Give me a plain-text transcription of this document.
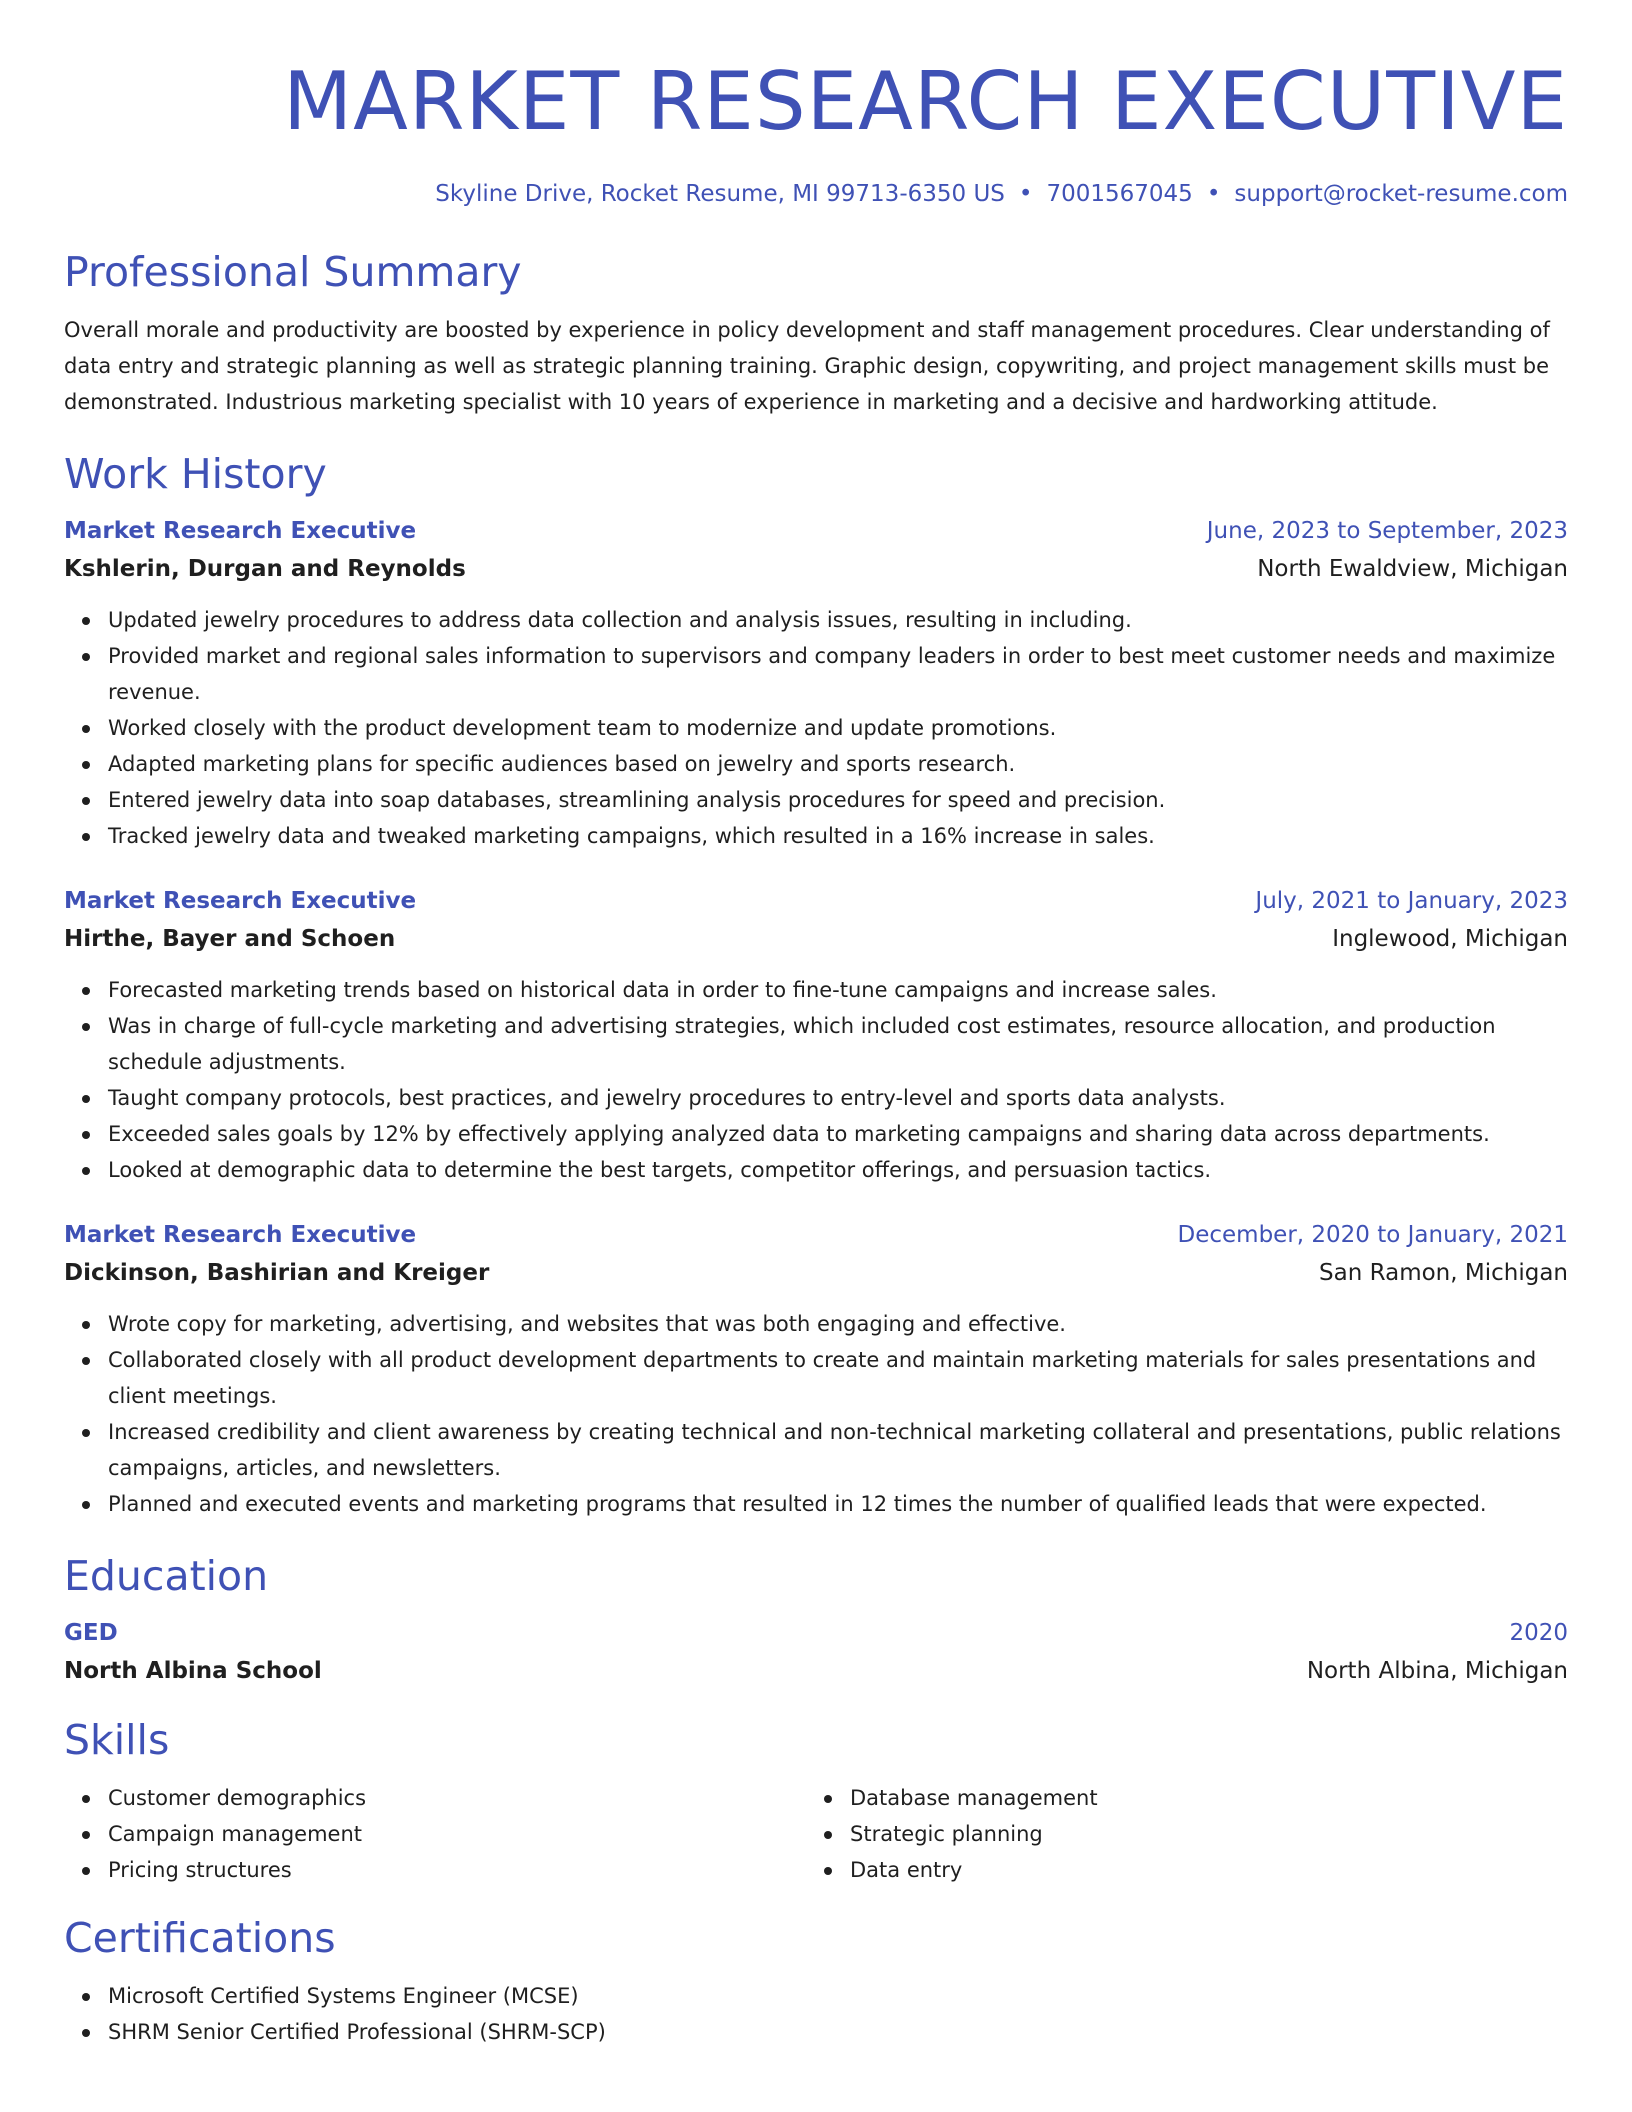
MARKET RESEARCH EXECUTIVE
Skyline Drive, Rocket Resume, MI 99713-6350 US • 7001567045 • support@rocket-resume.com
Professional Summary
Overall morale and productivity are boosted by experience in policy development and staff management procedures. Clear understanding of data entry and strategic planning as well as strategic planning training. Graphic design, copywriting, and project management skills must be demonstrated. Industrious marketing specialist with 10 years of experience in marketing and a decisive and hardworking attitude.
Work History
Market Research Executive	June, 2023 to September, 2023
Kshlerin, Durgan and Reynolds	North Ewaldview, Michigan
Updated jewelry procedures to address data collection and analysis issues, resulting in including.
Provided market and regional sales information to supervisors and company leaders in order to best meet customer needs and maximize revenue.
Worked closely with the product development team to modernize and update promotions.
Adapted marketing plans for specific audiences based on jewelry and sports research.
Entered jewelry data into soap databases, streamlining analysis procedures for speed and precision.
Tracked jewelry data and tweaked marketing campaigns, which resulted in a 16% increase in sales.
Market Research Executive	July, 2021 to January, 2023
Hirthe, Bayer and Schoen	Inglewood, Michigan
Forecasted marketing trends based on historical data in order to fine-tune campaigns and increase sales.
Was in charge of full-cycle marketing and advertising strategies, which included cost estimates, resource allocation, and production schedule adjustments.
Taught company protocols, best practices, and jewelry procedures to entry-level and sports data analysts.
Exceeded sales goals by 12% by effectively applying analyzed data to marketing campaigns and sharing data across departments.
Looked at demographic data to determine the best targets, competitor offerings, and persuasion tactics.
Market Research Executive	December, 2020 to January, 2021
Dickinson, Bashirian and Kreiger	San Ramon, Michigan
Wrote copy for marketing, advertising, and websites that was both engaging and effective.
Collaborated closely with all product development departments to create and maintain marketing materials for sales presentations and client meetings.
Increased credibility and client awareness by creating technical and non-technical marketing collateral and presentations, public relations campaigns, articles, and newsletters.
Planned and executed events and marketing programs that resulted in 12 times the number of qualified leads that were expected.
Education
GED	2020
North Albina School	North Albina, Michigan
Skills
Customer demographics
Campaign management
Pricing structures
Database management
Strategic planning
Data entry
Certifications
Microsoft Certified Systems Engineer (MCSE)
SHRM Senior Certified Professional (SHRM-SCP)
